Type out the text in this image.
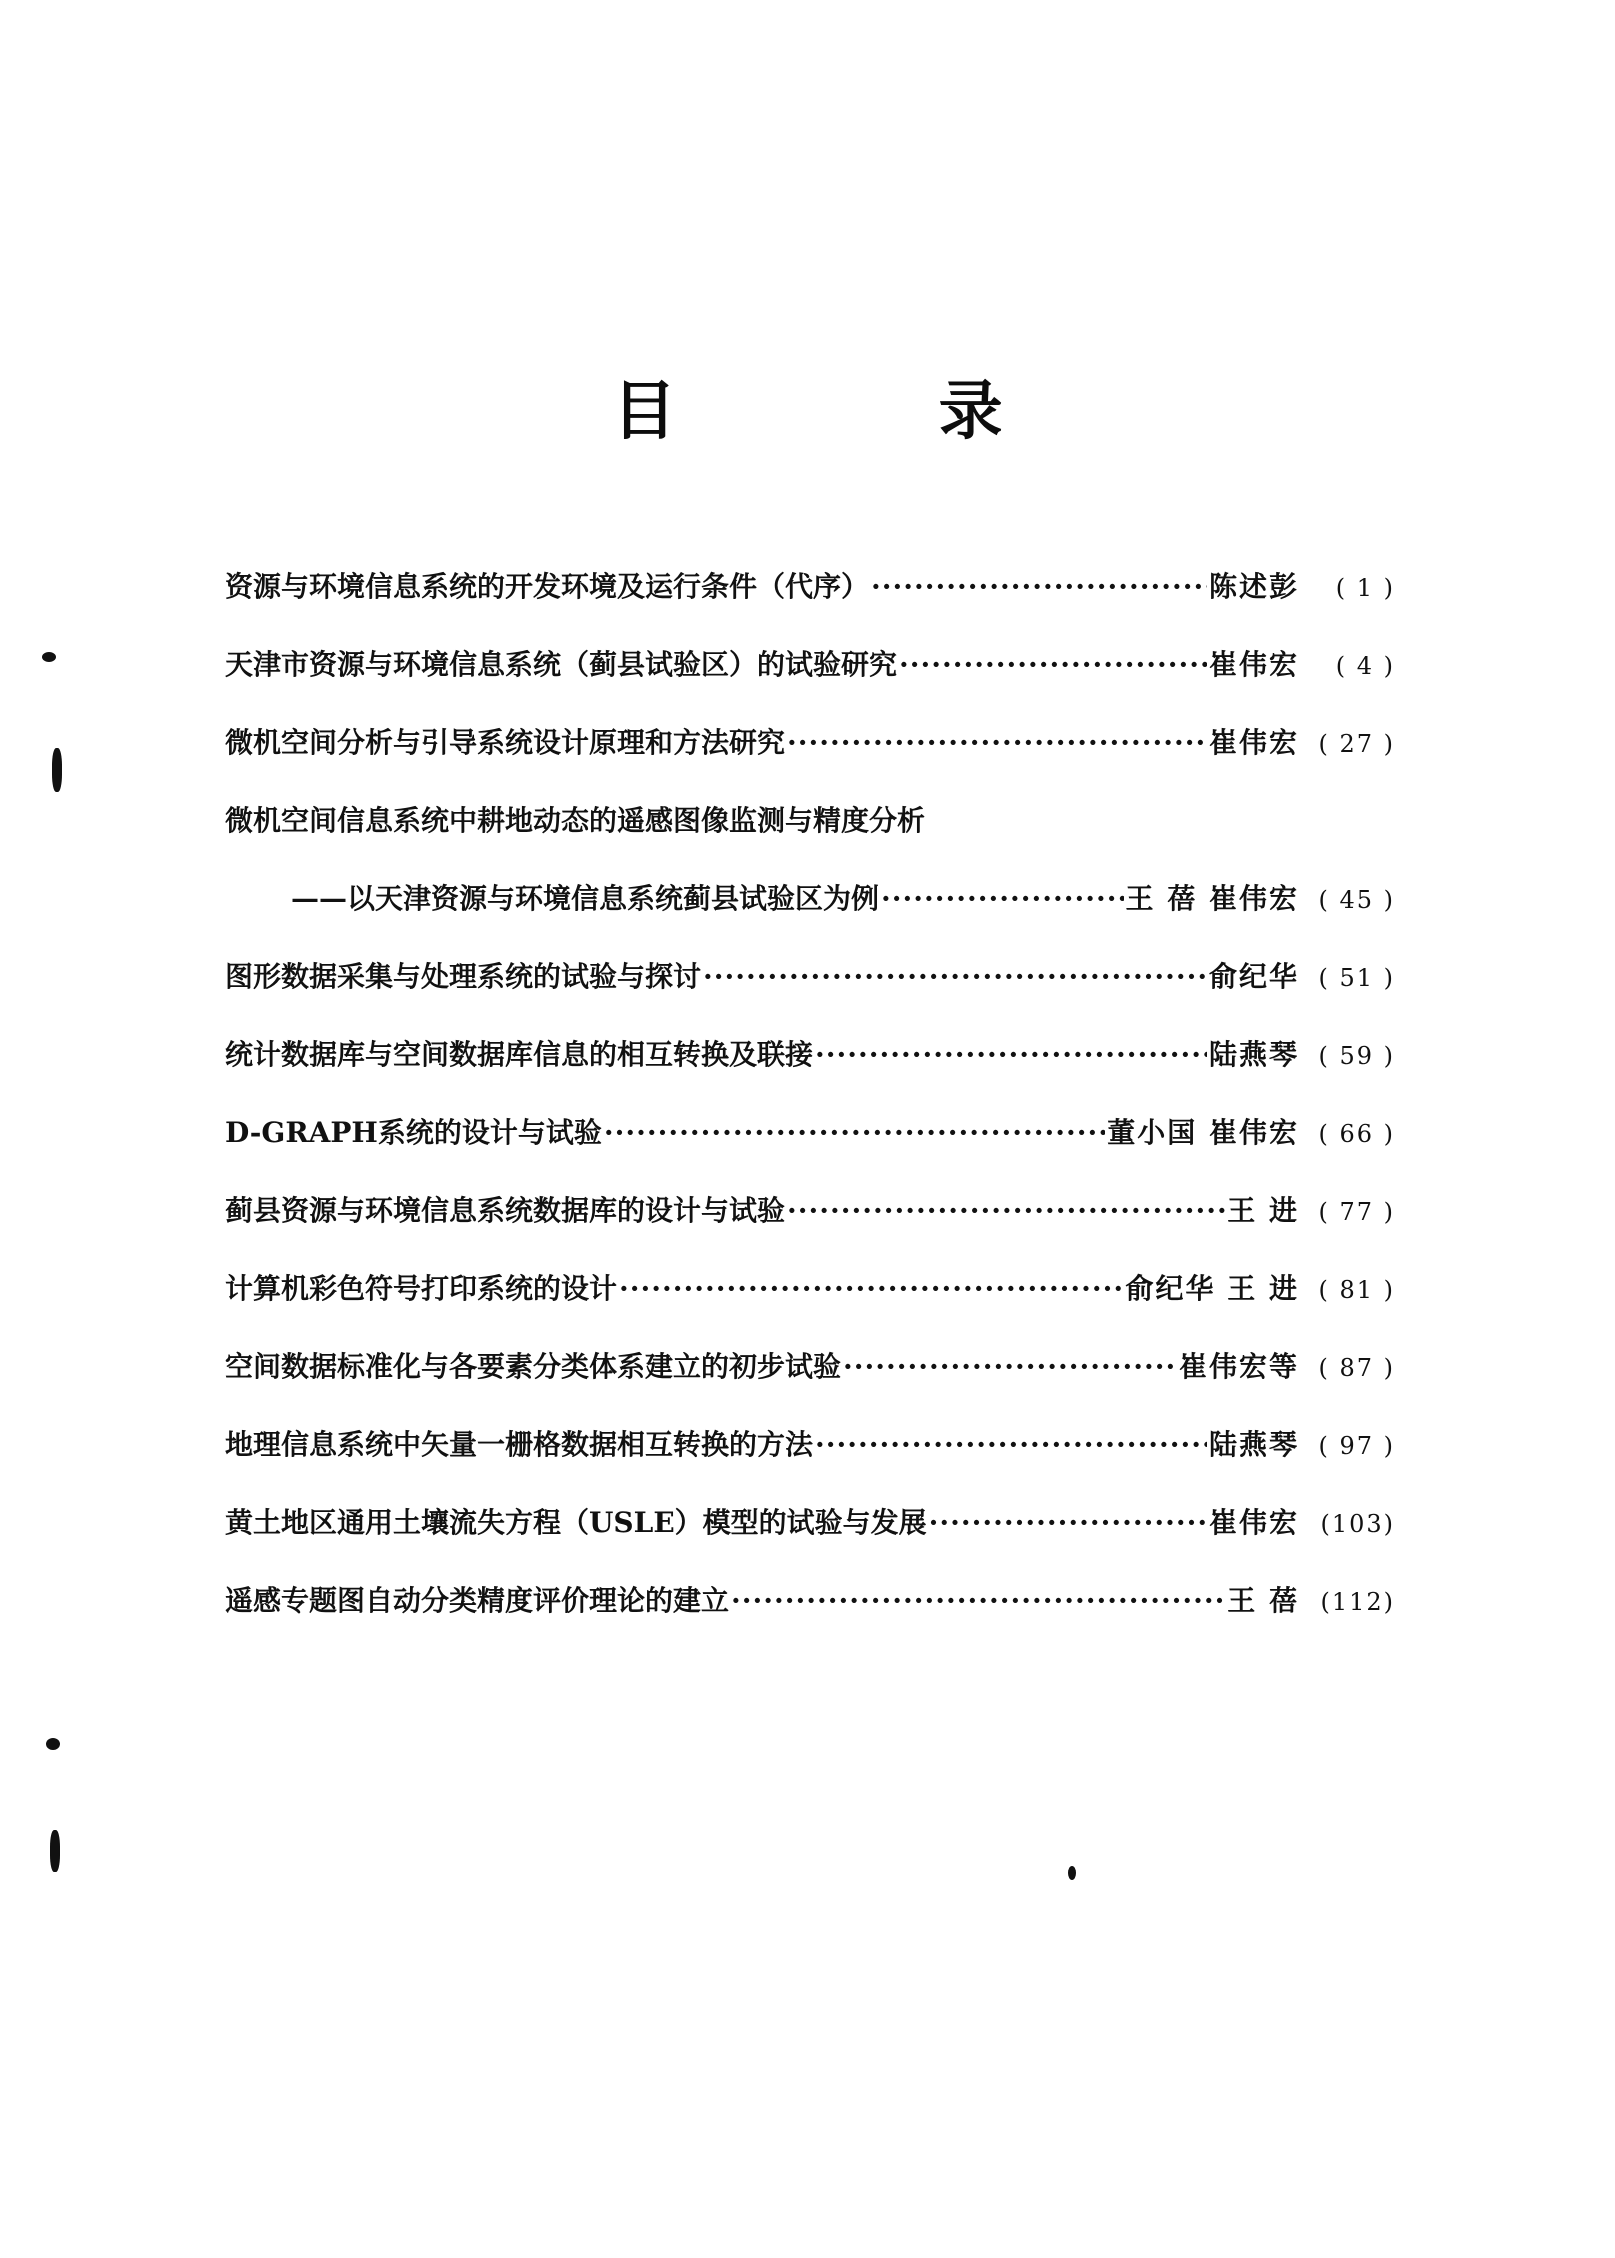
目 录
资源与环境信息系统的开发环境及运行条件（代序） ·····	陈述彭	( 1 )
天津市资源与环境信息系统（蓟县试验区）的试验研究 ·····	崔伟宏	( 4 )
微机空间分析与引导系统设计原理和方法研究 ·····	崔伟宏 ( 27 )
微机空间信息系统中耕地动态的遥感图像监测与精度分析
——以天津资源与环境信息系统蓟县试验区为例 ·····	王 蓓 崔伟宏 ( 45 )
图形数据采集与处理系统的试验与探讨 ·····	俞纪华 ( 51 )
统计数据库与空间数据库信息的相互转换及联接 ·····	陆燕琴 ( 59 )
D-GRAPH系统的设计与试验 ·····	董小国 崔伟宏 ( 66 )
蓟县资源与环境信息系统数据库的设计与试验 ·····	王 进 ( 77 )
计算机彩色符号打印系统的设计 ·····	俞纪华 王 进 ( 81 )
空间数据标准化与各要素分类体系建立的初步试验 ·····	崔伟宏等 ( 87 )
地理信息系统中矢量一栅格数据相互转换的方法 ·····	陆燕琴 ( 97 )
黄土地区通用土壤流失方程（USLE）模型的试验与发展 ·····	崔伟宏 (103)
遥感专题图自动分类精度评价理论的建立 ·····	王 蓓 (112)
